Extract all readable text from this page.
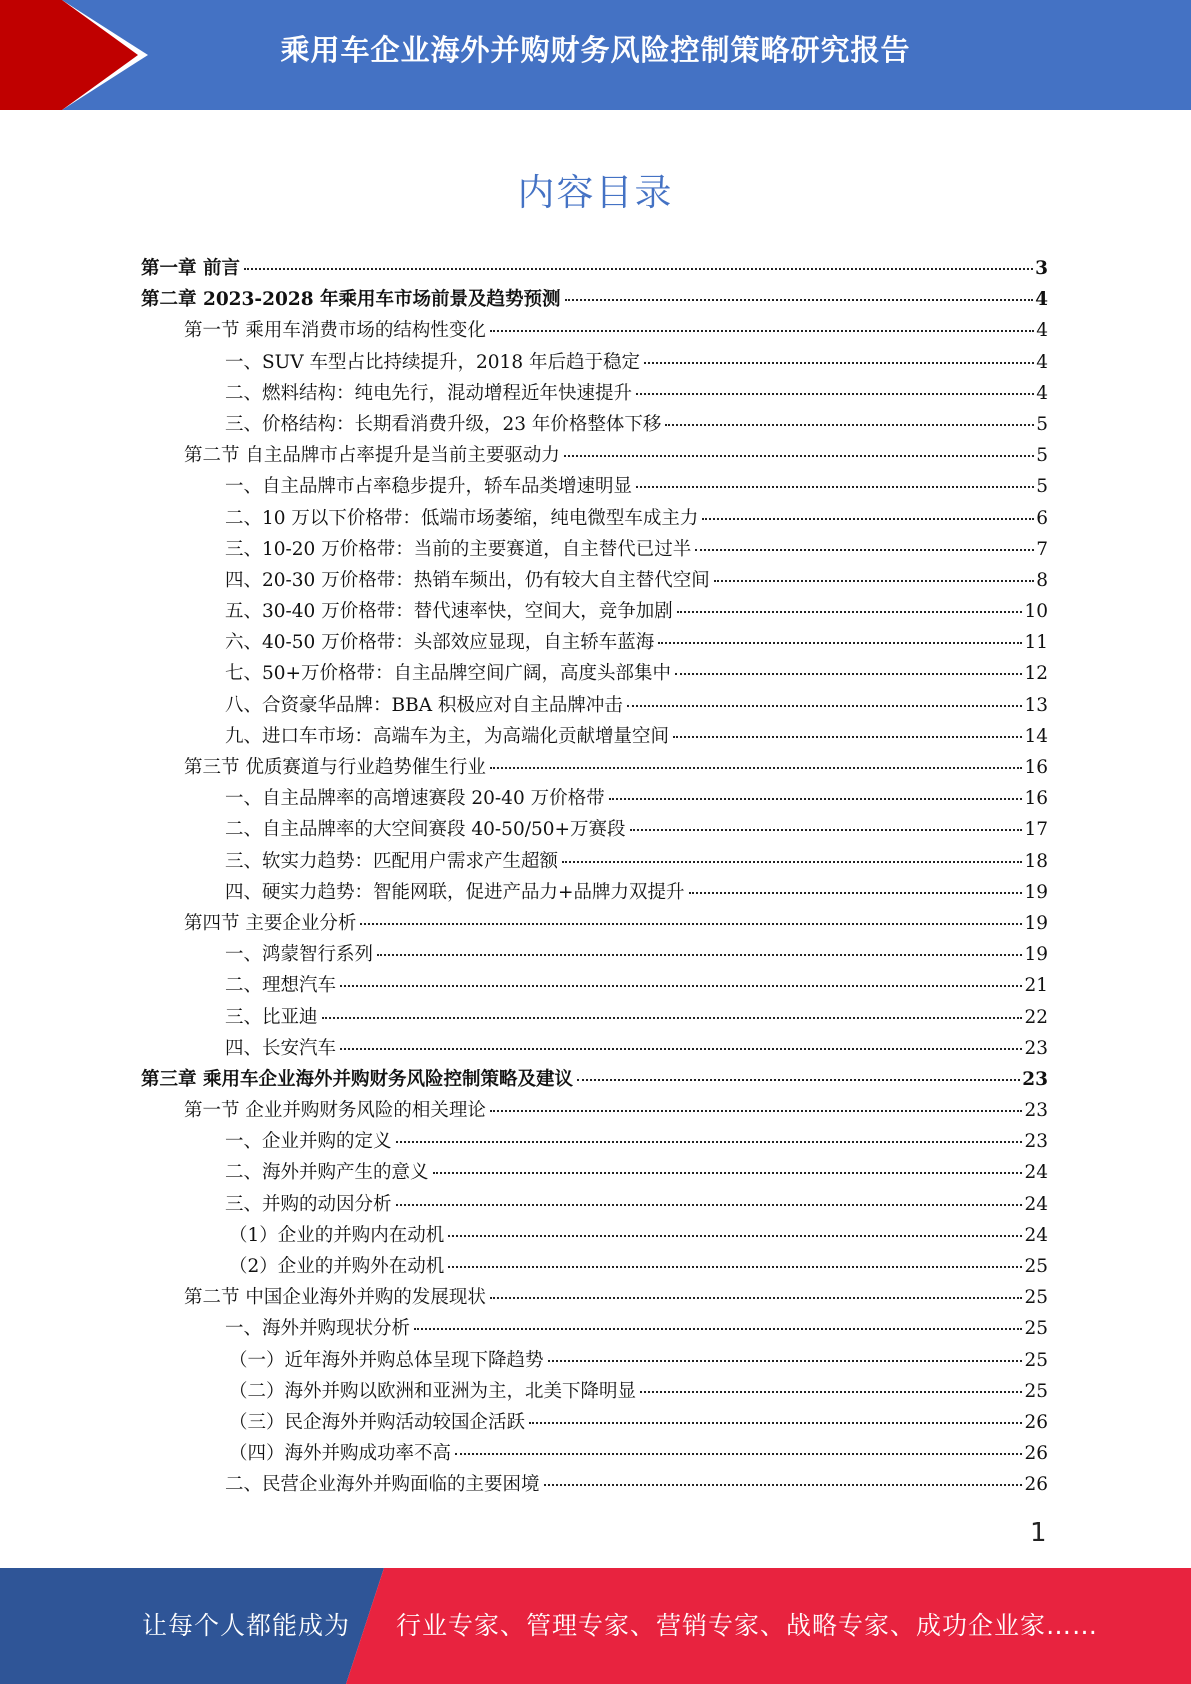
乘用车企业海外并购财务风险控制策略研究报告
内容目录
第一章 前言	3
第二章 2023-2028 年乘用车市场前景及趋势预测	4
第一节 乘用车消费市场的结构性变化	4
一、SUV 车型占比持续提升，2018 年后趋于稳定	4
二、燃料结构：纯电先行，混动增程近年快速提升	4
三、价格结构：长期看消费升级，23 年价格整体下移	5
第二节 自主品牌市占率提升是当前主要驱动力	5
一、自主品牌市占率稳步提升，轿车品类增速明显	5
二、10 万以下价格带：低端市场萎缩，纯电微型车成主力	6
三、10-20 万价格带：当前的主要赛道，自主替代已过半	7
四、20-30 万价格带：热销车频出，仍有较大自主替代空间	8
五、30-40 万价格带：替代速率快，空间大，竞争加剧	10
六、40-50 万价格带：头部效应显现，自主轿车蓝海	11
七、50+万价格带：自主品牌空间广阔，高度头部集中	12
八、合资豪华品牌：BBA 积极应对自主品牌冲击	13
九、进口车市场：高端车为主，为高端化贡献增量空间	14
第三节 优质赛道与行业趋势催生行业	16
一、自主品牌率的高增速赛段 20-40 万价格带	16
二、自主品牌率的大空间赛段 40-50/50+万赛段	17
三、软实力趋势：匹配用户需求产生超额	18
四、硬实力趋势：智能网联，促进产品力+品牌力双提升	19
第四节 主要企业分析	19
一、鸿蒙智行系列	19
二、理想汽车	21
三、比亚迪	22
四、长安汽车	23
第三章 乘用车企业海外并购财务风险控制策略及建议	23
第一节 企业并购财务风险的相关理论	23
一、企业并购的定义	23
二、海外并购产生的意义	24
三、并购的动因分析	24
（1）企业的并购内在动机	24
（2）企业的并购外在动机	25
第二节 中国企业海外并购的发展现状	25
一、海外并购现状分析	25
（一）近年海外并购总体呈现下降趋势	25
（二）海外并购以欧洲和亚洲为主，北美下降明显	25
（三）民企海外并购活动较国企活跃	26
（四）海外并购成功率不高	26
二、民营企业海外并购面临的主要困境	26
1
让每个人都能成为 行业专家、管理专家、营销专家、战略专家、成功企业家……
